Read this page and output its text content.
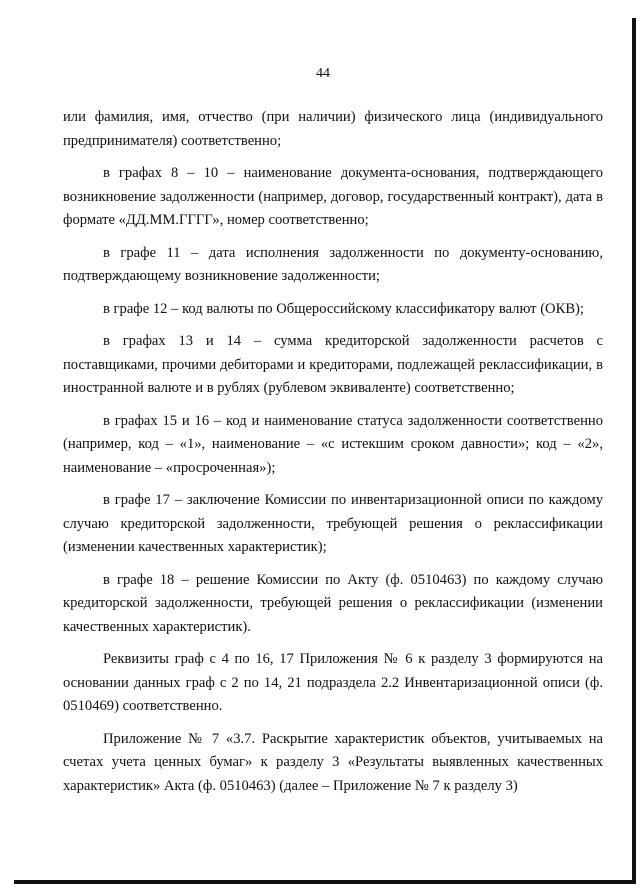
44

или фамилия, имя, отчество (при наличии) физического лица (индивидуального предпринимателя) соответственно;

в графах 8 – 10 – наименование документа-основания, подтверждающего возникновение задолженности (например, договор, государственный контракт), дата в формате «ДД.ММ.ГГГГ», номер соответственно;

в графе 11 – дата исполнения задолженности по документу-основанию, подтверждающему возникновение задолженности;

в графе 12 – код валюты по Общероссийскому классификатору валют (ОКВ);

в графах 13 и 14 – сумма кредиторской задолженности расчетов с поставщиками, прочими дебиторами и кредиторами, подлежащей реклассификации, в иностранной валюте и в рублях (рублевом эквиваленте) соответственно;

в графах 15 и 16 – код и наименование статуса задолженности соответственно (например, код – «1», наименование – «с истекшим сроком давности»; код – «2», наименование – «просроченная»);

в графе 17 – заключение Комиссии по инвентаризационной описи по каждому случаю кредиторской задолженности, требующей решения о реклассификации (изменении качественных характеристик);

в графе 18 – решение Комиссии по Акту (ф. 0510463) по каждому случаю кредиторской задолженности, требующей решения о реклассификации (изменении качественных характеристик).

Реквизиты граф с 4 по 16, 17 Приложения № 6 к разделу 3 формируются на основании данных граф с 2 по 14, 21 подраздела 2.2 Инвентаризационной описи (ф. 0510469) соответственно.

Приложение № 7 «3.7. Раскрытие характеристик объектов, учитываемых на счетах учета ценных бумаг» к разделу 3 «Результаты выявленных качественных характеристик» Акта (ф. 0510463) (далее – Приложение № 7 к разделу 3)
